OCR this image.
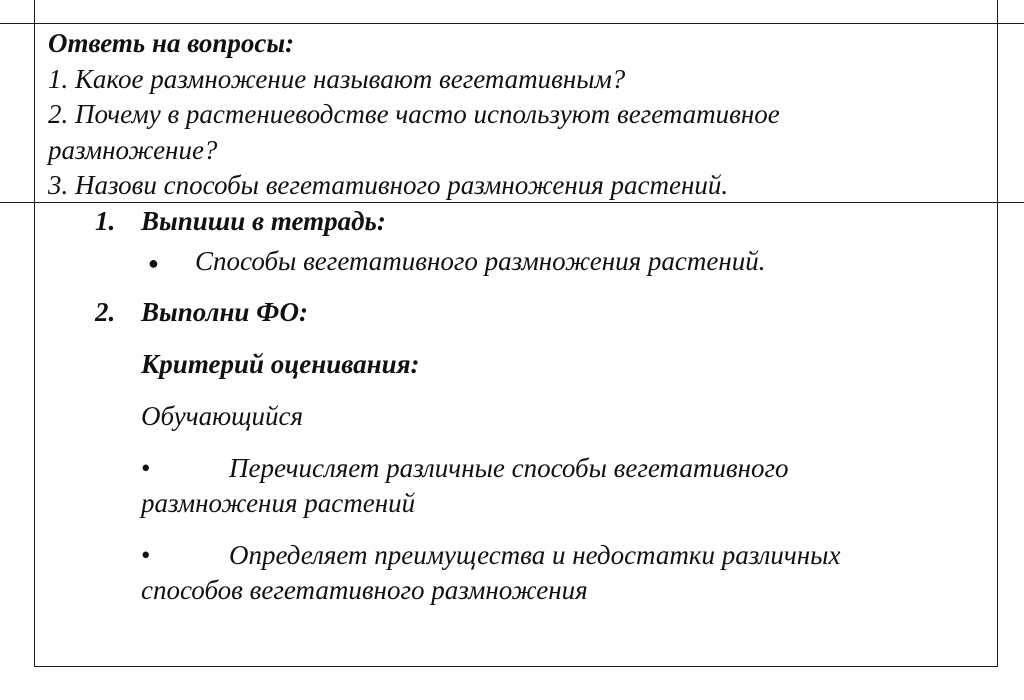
Ответь на вопросы:
1. Какое размножение называют вегетативным?
2. Почему в растениеводстве часто используют вегетативное
размножение?
3. Назови способы вегетативного размножения растений.
1. Выпиши в тетрадь:
● Способы вегетативного размножения растений.
2. Выполни ФО:
Критерий оценивания:
Обучающийся
•	Перечисляет различные способы вегетативного
размножения растений
•	Определяет преимущества и недостатки различных
способов вегетативного размножения
